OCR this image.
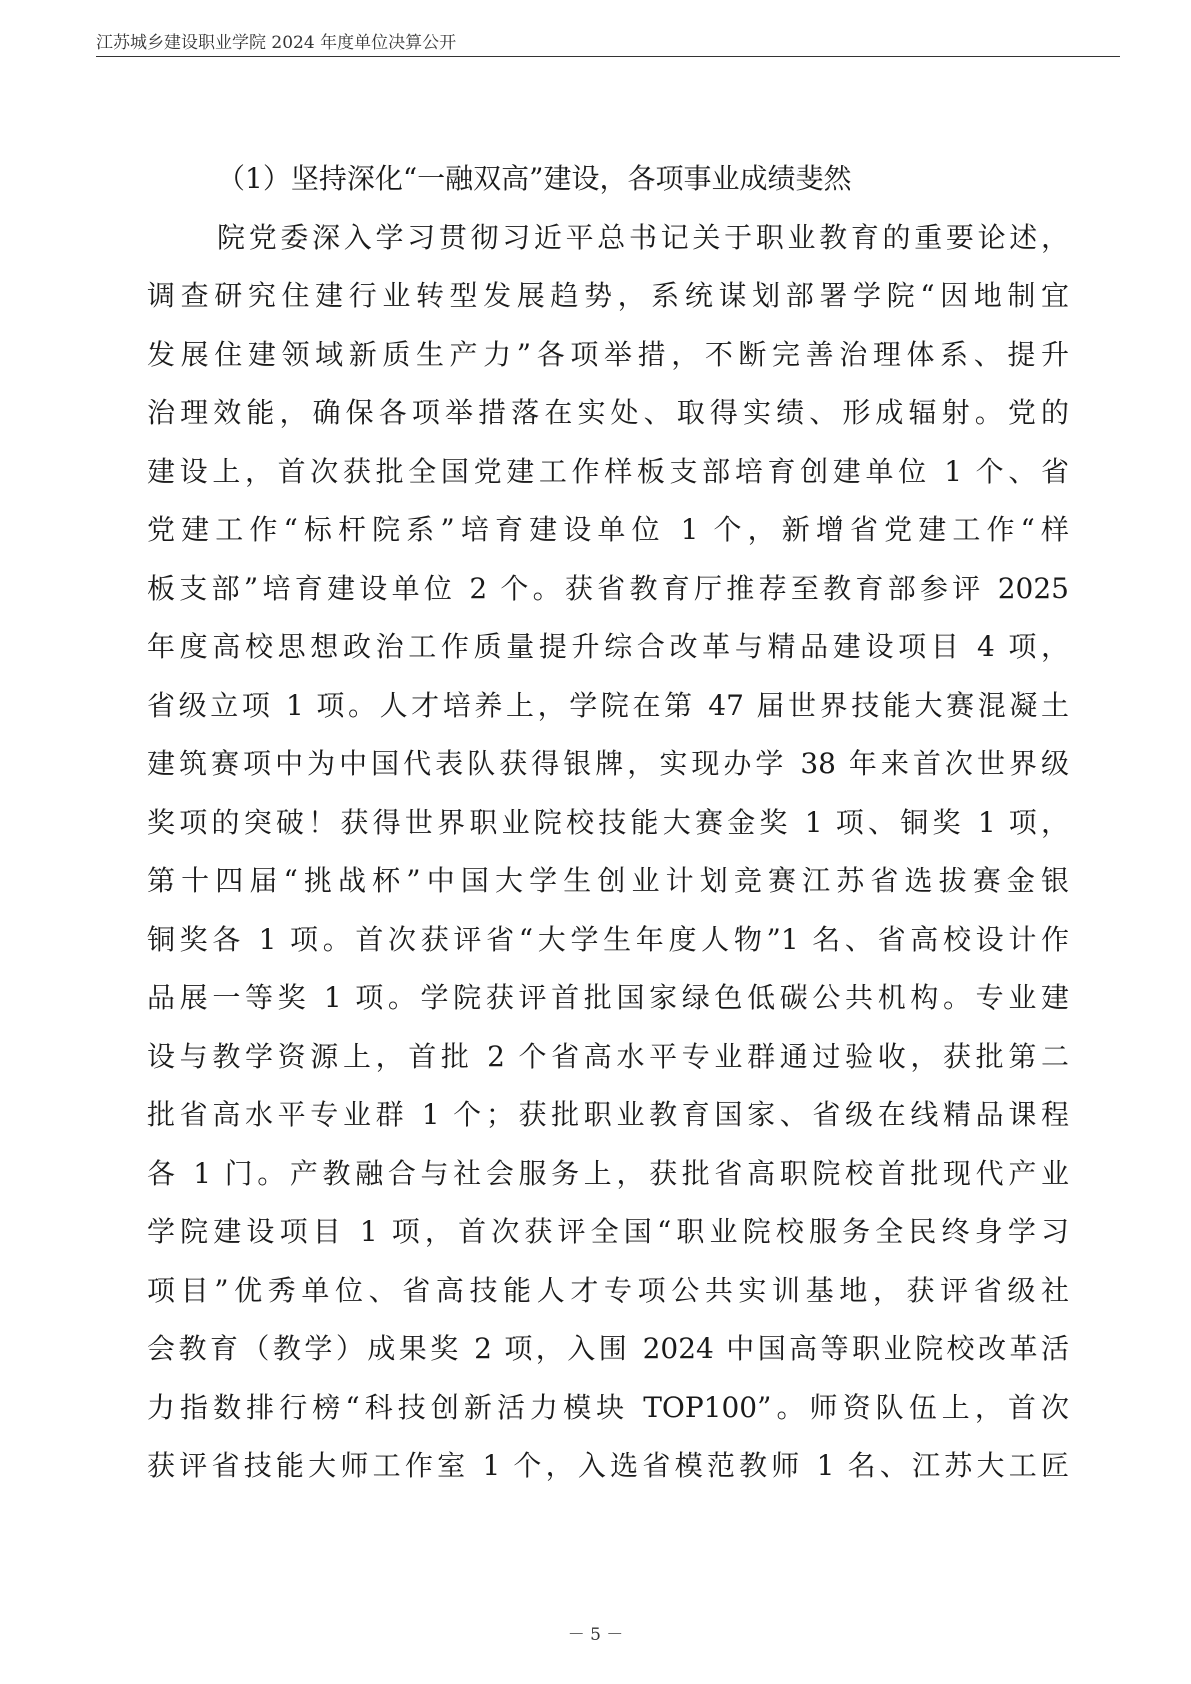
江苏城乡建设职业学院 2024 年度单位决算公开
（1）坚持深化“一融双高”建设，各项事业成绩斐然
院党委深入学习贯彻习近平总书记关于职业教育的重要论述，
调查研究住建行业转型发展趋势，系统谋划部署学院“因地制宜
发展住建领域新质生产力”各项举措，不断完善治理体系、提升
治理效能，确保各项举措落在实处、取得实绩、形成辐射。党的
建设上，首次获批全国党建工作样板支部培育创建单位 1 个、省
党建工作“标杆院系”培育建设单位 1 个，新增省党建工作“样
板支部”培育建设单位 2 个。获省教育厅推荐至教育部参评 2025
年度高校思想政治工作质量提升综合改革与精品建设项目 4 项，
省级立项 1 项。人才培养上，学院在第 47 届世界技能大赛混凝土
建筑赛项中为中国代表队获得银牌，实现办学 38 年来首次世界级
奖项的突破！获得世界职业院校技能大赛金奖 1 项、铜奖 1 项，
第十四届“挑战杯”中国大学生创业计划竞赛江苏省选拔赛金银
铜奖各 1 项。首次获评省“大学生年度人物”1 名、省高校设计作
品展一等奖 1 项。学院获评首批国家绿色低碳公共机构。专业建
设与教学资源上，首批 2 个省高水平专业群通过验收，获批第二
批省高水平专业群 1 个；获批职业教育国家、省级在线精品课程
各 1 门。产教融合与社会服务上，获批省高职院校首批现代产业
学院建设项目 1 项，首次获评全国“职业院校服务全民终身学习
项目”优秀单位、省高技能人才专项公共实训基地，获评省级社
会教育（教学）成果奖 2 项，入围 2024 中国高等职业院校改革活
力指数排行榜“科技创新活力模块 TOP100”。师资队伍上，首次
获评省技能大师工作室 1 个，入选省模范教师 1 名、江苏大工匠
－ 5 －
